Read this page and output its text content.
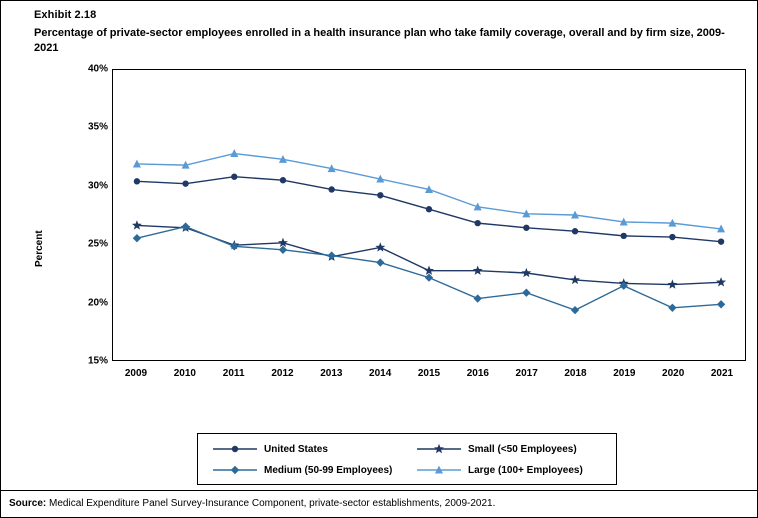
Exhibit 2.18
Percentage of private-sector employees enrolled in a health insurance plan who take family coverage, overall and by firm size, 2009-2021
Percent
15%
20%
25%
30%
35%
40%
2009	2010	2011	2012	2013	2014	2015	2016	2017	2018	2019	2020	2021
United States	Small (<50 Employees)
Medium (50-99 Employees)	Large (100+ Employees)
Source: Medical Expenditure Panel Survey-Insurance Component, private-sector establishments, 2009-2021.
